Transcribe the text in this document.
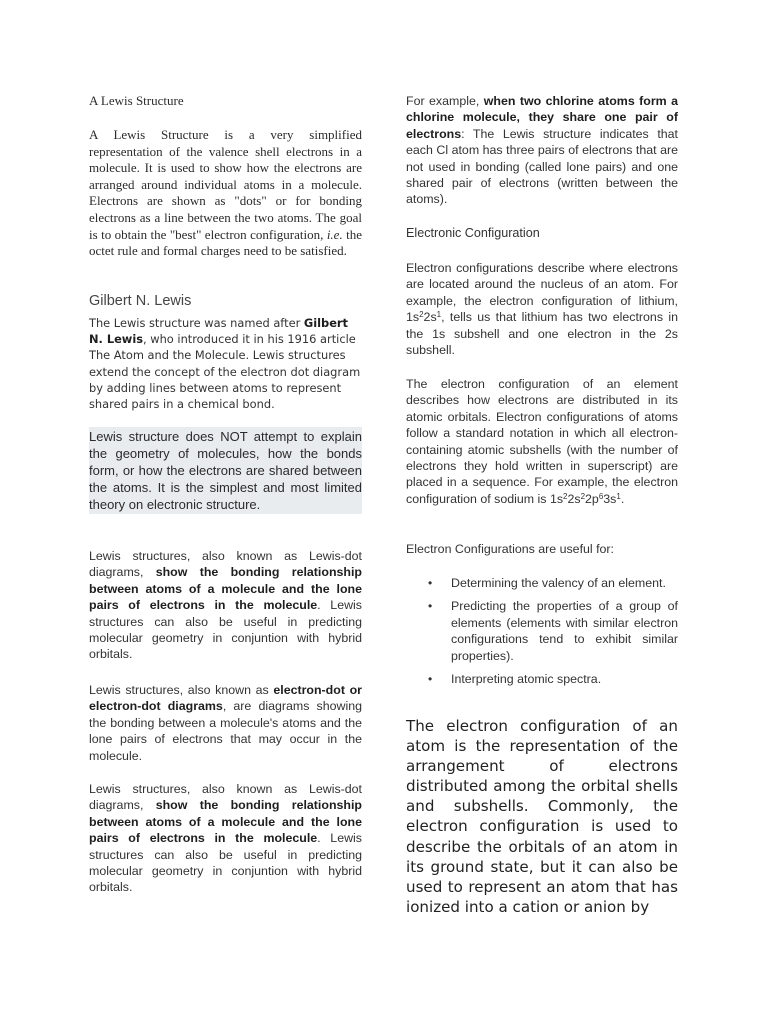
A Lewis Structure

A Lewis Structure is a very simplified representation of the valence shell electrons in a molecule. It is used to show how the electrons are arranged around individual atoms in a molecule. Electrons are shown as "dots" or for bonding electrons as a line between the two atoms. The goal is to obtain the "best" electron configuration, i.e. the octet rule and formal charges need to be satisfied.

Gilbert N. Lewis

The Lewis structure was named after Gilbert N. Lewis, who introduced it in his 1916 article The Atom and the Molecule. Lewis structures extend the concept of the electron dot diagram by adding lines between atoms to represent shared pairs in a chemical bond.

Lewis structure does NOT attempt to explain the geometry of molecules, how the bonds form, or how the electrons are shared between the atoms. It is the simplest and most limited theory on electronic structure.

Lewis structures, also known as Lewis-dot diagrams, show the bonding relationship between atoms of a molecule and the lone pairs of electrons in the molecule. Lewis structures can also be useful in predicting molecular geometry in conjuntion with hybrid orbitals.

Lewis structures, also known as electron-dot or electron-dot diagrams, are diagrams showing the bonding between a molecule's atoms and the lone pairs of electrons that may occur in the molecule.

Lewis structures, also known as Lewis-dot diagrams, show the bonding relationship between atoms of a molecule and the lone pairs of electrons in the molecule. Lewis structures can also be useful in predicting molecular geometry in conjuntion with hybrid orbitals.

For example, when two chlorine atoms form a chlorine molecule, they share one pair of electrons: The Lewis structure indicates that each Cl atom has three pairs of electrons that are not used in bonding (called lone pairs) and one shared pair of electrons (written between the atoms).

Electronic Configuration

Electron configurations describe where electrons are located around the nucleus of an atom. For example, the electron configuration of lithium, $1s^22s^1$, tells us that lithium has two electrons in the 1s subshell and one electron in the 2s subshell.

The electron configuration of an element describes how electrons are distributed in its atomic orbitals. Electron configurations of atoms follow a standard notation in which all electron-containing atomic subshells (with the number of electrons they hold written in superscript) are placed in a sequence. For example, the electron configuration of sodium is $1s^22s^22p^63s^1$.

Electron Configurations are useful for:

• Determining the valency of an element.
• Predicting the properties of a group of elements (elements with similar electron configurations tend to exhibit similar properties).
• Interpreting atomic spectra.

The electron configuration of an atom is the representation of the arrangement of electrons distributed among the orbital shells and subshells. Commonly, the electron configuration is used to describe the orbitals of an atom in its ground state, but it can also be used to represent an atom that has ionized into a cation or anion by
